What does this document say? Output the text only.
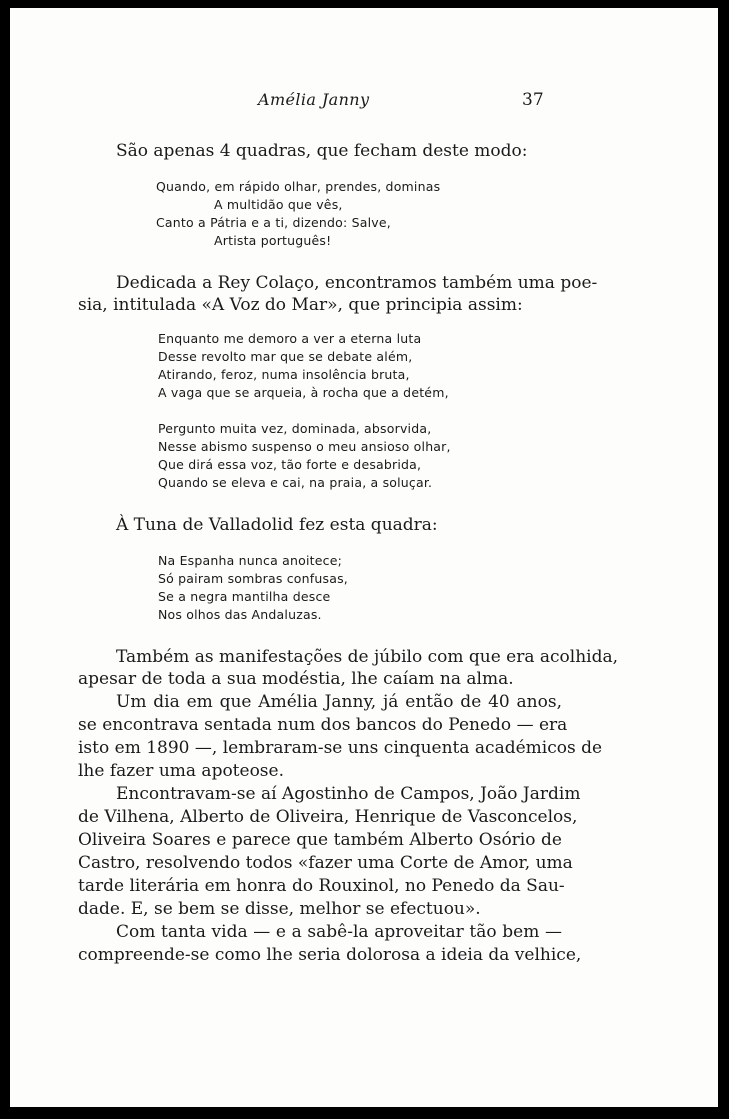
Amélia Janny	37
São apenas 4 quadras, que fecham deste modo:
Quando, em rápido olhar, prendes, dominas
A multidão que vês,
Canto a Pátria e a ti, dizendo: Salve,
Artista português!
Dedicada a Rey Colaço, encontramos também uma poe-
sia, intitulada «A Voz do Mar», que principia assim:
Enquanto me demoro a ver a eterna luta
Desse revolto mar que se debate além,
Atirando, feroz, numa insolência bruta,
A vaga que se arqueia, à rocha que a detém,
Pergunto muita vez, dominada, absorvida,
Nesse abismo suspenso o meu ansioso olhar,
Que dirá essa voz, tão forte e desabrida,
Quando se eleva e cai, na praia, a soluçar.
À Tuna de Valladolid fez esta quadra:
Na Espanha nunca anoitece;
Só pairam sombras confusas,
Se a negra mantilha desce
Nos olhos das Andaluzas.
Também as manifestações de júbilo com que era acolhida,
apesar de toda a sua modéstia, lhe caíam na alma.
Um dia em que Amélia Janny, já então de 40 anos,
se encontrava sentada num dos bancos do Penedo — era
isto em 1890 —, lembraram-se uns cinquenta académicos de
lhe fazer uma apoteose.
Encontravam-se aí Agostinho de Campos, João Jardim
de Vilhena, Alberto de Oliveira, Henrique de Vasconcelos,
Oliveira Soares e parece que também Alberto Osório de
Castro, resolvendo todos «fazer uma Corte de Amor, uma
tarde literária em honra do Rouxinol, no Penedo da Sau-
dade. E, se bem se disse, melhor se efectuou».
Com tanta vida — e a sabê-la aproveitar tão bem —
compreende-se como lhe seria dolorosa a ideia da velhice,
